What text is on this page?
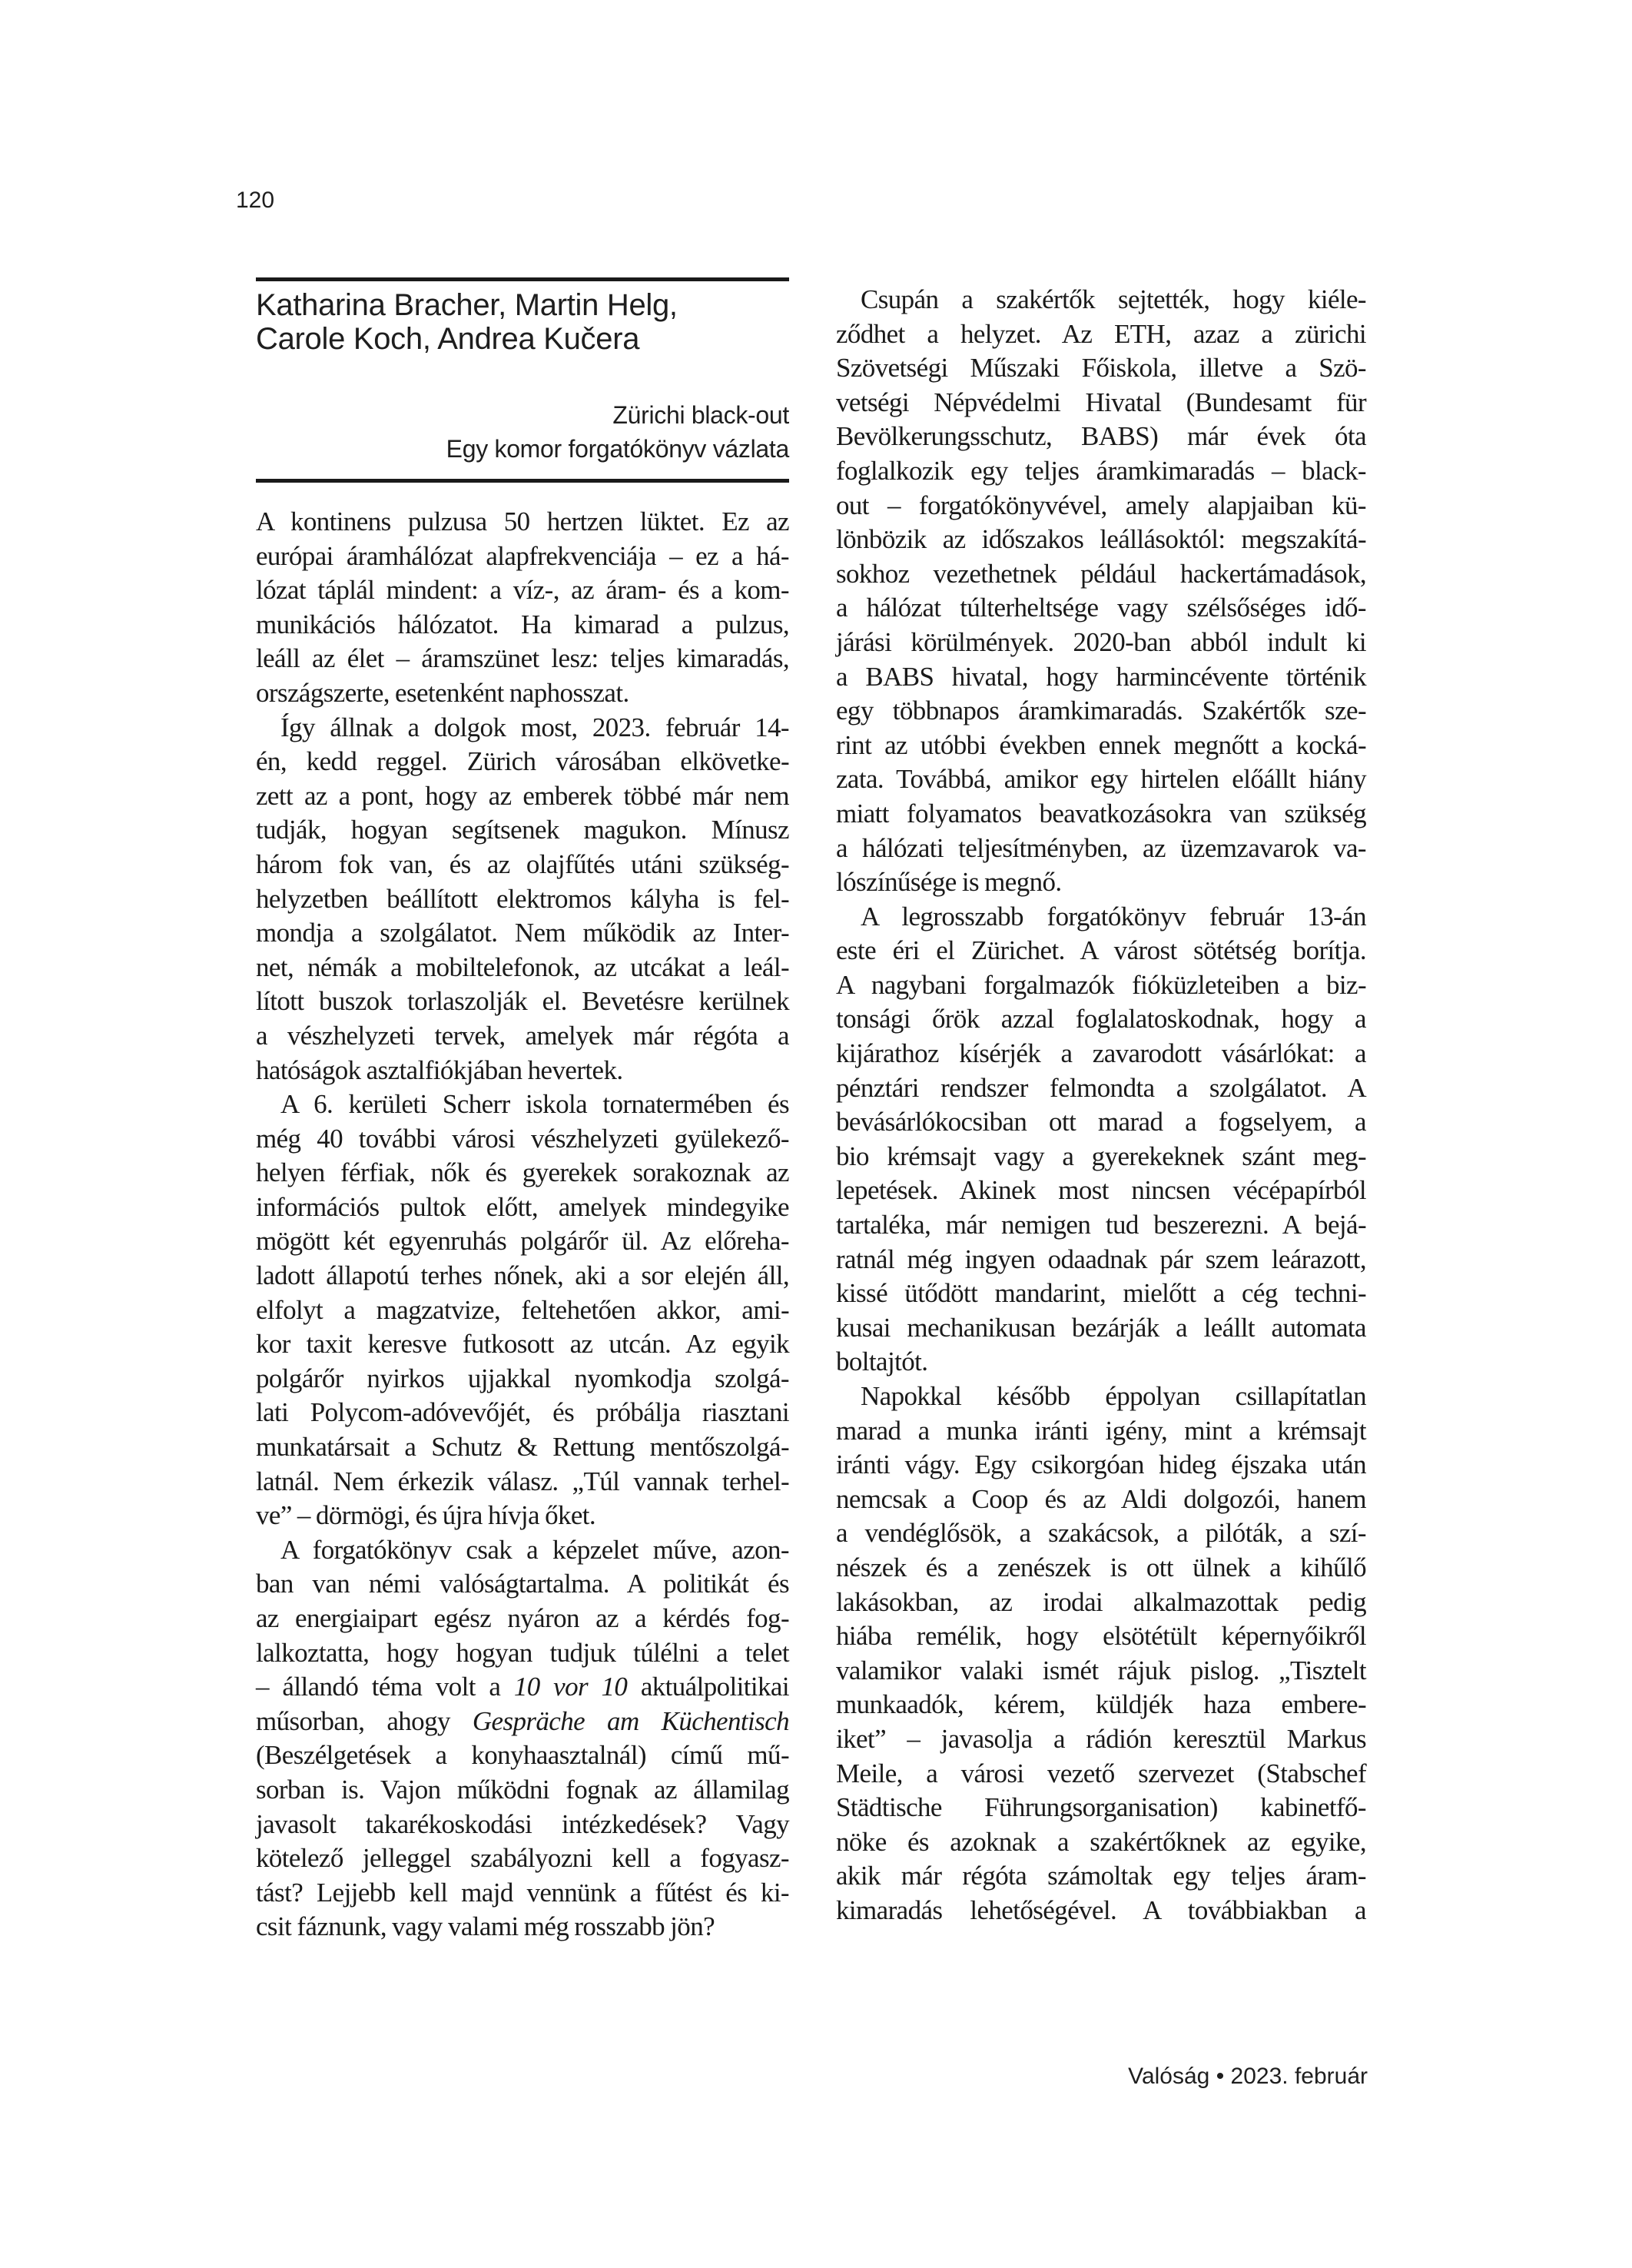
120
Katharina Bracher, Martin Helg,
Carole Koch, Andrea Kučera
Zürichi black-out
Egy komor forgatókönyv vázlata

A kontinens pulzusa 50 hertzen lüktet. Ez az
európai áramhálózat alapfrekvenciája – ez a há-
lózat táplál mindent: a víz-, az áram- és a kom-
munikációs hálózatot. Ha kimarad a pulzus,
leáll az élet – áramszünet lesz: teljes kimaradás,
országszerte, esetenként naphosszat.

Így állnak a dolgok most, 2023. február 14-
én, kedd reggel. Zürich városában elkövetke-
zett az a pont, hogy az emberek többé már nem
tudják, hogyan segítsenek magukon. Mínusz
három fok van, és az olajfűtés utáni szükség-
helyzetben beállított elektromos kályha is fel-
mondja a szolgálatot. Nem működik az Inter-
net, némák a mobiltelefonok, az utcákat a leál-
lított buszok torlaszolják el. Bevetésre kerülnek
a vészhelyzeti tervek, amelyek már régóta a
hatóságok asztalfiókjában hevertek.

A 6. kerületi Scherr iskola tornatermében és
még 40 további városi vészhelyzeti gyülekező-
helyen férfiak, nők és gyerekek sorakoznak az
információs pultok előtt, amelyek mindegyike
mögött két egyenruhás polgárőr ül. Az előreha-
ladott állapotú terhes nőnek, aki a sor elején áll,
elfolyt a magzatvize, feltehetően akkor, ami-
kor taxit keresve futkosott az utcán. Az egyik
polgárőr nyirkos ujjakkal nyomkodja szolgá-
lati Polycom-adóvevőjét, és próbálja riasztani
munkatársait a Schutz & Rettung mentőszolgá-
latnál. Nem érkezik válasz. „Túl vannak terhel-
ve” – dörmögi, és újra hívja őket.

A forgatókönyv csak a képzelet műve, azon-
ban van némi valóságtartalma. A politikát és
az energiaipart egész nyáron az a kérdés fog-
lalkoztatta, hogy hogyan tudjuk túlélni a telet
– állandó téma volt a 10 vor 10 aktuálpolitikai
műsorban, ahogy Gespräche am Küchentisch
(Beszélgetések a konyhaasztalnál) című mű-
sorban is. Vajon működni fognak az államilag
javasolt takarékoskodási intézkedések? Vagy
kötelező jelleggel szabályozni kell a fogyasz-
tást? Lejjebb kell majd vennünk a fűtést és ki-
csit fáznunk, vagy valami még rosszabb jön?

Csupán a szakértők sejtették, hogy kiéle-
ződhet a helyzet. Az ETH, azaz a zürichi
Szövetségi Műszaki Főiskola, illetve a Szö-
vetségi Népvédelmi Hivatal (Bundesamt für
Bevölkerungsschutz, BABS) már évek óta
foglalkozik egy teljes áramkimaradás – black-
out – forgatókönyvével, amely alapjaiban kü-
lönbözik az időszakos leállásoktól: megszakítá-
sokhoz vezethetnek például hackertámadások,
a hálózat túlterheltsége vagy szélsőséges idő-
járási körülmények. 2020-ban abból indult ki
a BABS hivatal, hogy harmincévente történik
egy többnapos áramkimaradás. Szakértők sze-
rint az utóbbi években ennek megnőtt a kocká-
zata. Továbbá, amikor egy hirtelen előállt hiány
miatt folyamatos beavatkozásokra van szükség
a hálózati teljesítményben, az üzemzavarok va-
lószínűsége is megnő.

A legrosszabb forgatókönyv február 13-án
este éri el Zürichet. A várost sötétség borítja.
A nagybani forgalmazók fióküzleteiben a biz-
tonsági őrök azzal foglalatoskodnak, hogy a
kijárathoz kísérjék a zavarodott vásárlókat: a
pénztári rendszer felmondta a szolgálatot. A
bevásárlókocsiban ott marad a fogselyem, a
bio krémsajt vagy a gyerekeknek szánt meg-
lepetések. Akinek most nincsen vécépapírból
tartaléka, már nemigen tud beszerezni. A bejá-
ratnál még ingyen odaadnak pár szem leárazott,
kissé ütődött mandarint, mielőtt a cég techni-
kusai mechanikusan bezárják a leállt automata
boltajtót.

Napokkal később éppolyan csillapítatlan
marad a munka iránti igény, mint a krémsajt
iránti vágy. Egy csikorgóan hideg éjszaka után
nemcsak a Coop és az Aldi dolgozói, hanem
a vendéglősök, a szakácsok, a pilóták, a szí-
nészek és a zenészek is ott ülnek a kihűlő
lakásokban, az irodai alkalmazottak pedig
hiába remélik, hogy elsötétült képernyőikről
valamikor valaki ismét rájuk pislog. „Tisztelt
munkaadók, kérem, küldjék haza embere-
iket” – javasolja a rádión keresztül Markus
Meile, a városi vezető szervezet (Stabschef
Städtische Führungsorganisation) kabinetfő-
nöke és azoknak a szakértőknek az egyike,
akik már régóta számoltak egy teljes áram-
kimaradás lehetőségével. A továbbiakban a

Valóság • 2023. február
